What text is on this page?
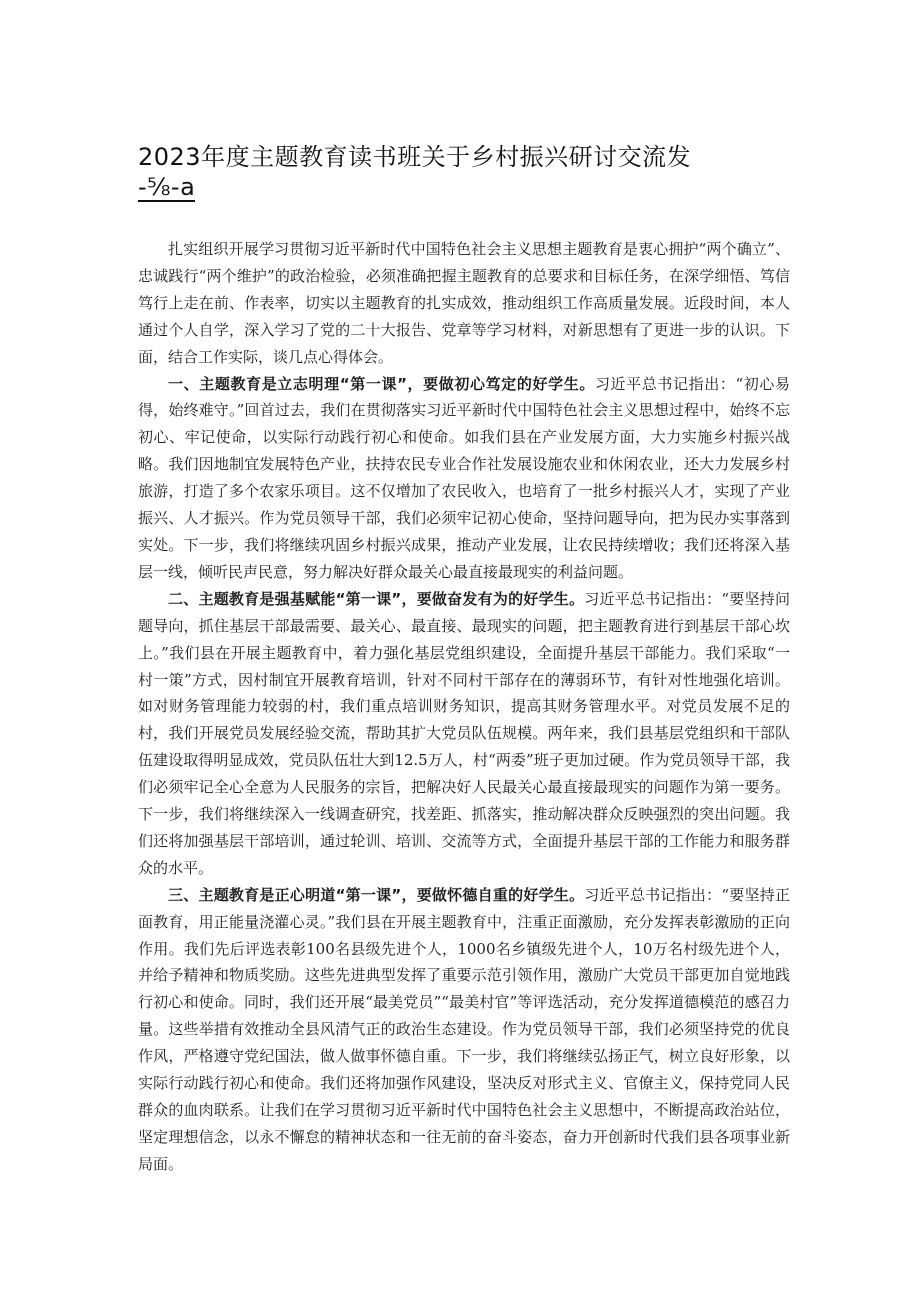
2023年度主题教育读书班关于乡村振兴研讨交流发
-⅝-a

扎实组织开展学习贯彻习近平新时代中国特色社会主义思想主题教育是衷心拥护“两个确立”、忠诚践行“两个维护”的政治检验，必须准确把握主题教育的总要求和目标任务，在深学细悟、笃信笃行上走在前、作表率，切实以主题教育的扎实成效，推动组织工作高质量发展。近段时间，本人通过个人自学，深入学习了党的二十大报告、党章等学习材料，对新思想有了更进一步的认识。下面，结合工作实际，谈几点心得体会。

一、主题教育是立志明理“第一课”，要做初心笃定的好学生。习近平总书记指出：“初心易得，始终难守。”回首过去，我们在贯彻落实习近平新时代中国特色社会主义思想过程中，始终不忘初心、牢记使命，以实际行动践行初心和使命。如我们县在产业发展方面，大力实施乡村振兴战略。我们因地制宜发展特色产业，扶持农民专业合作社发展设施农业和休闲农业，还大力发展乡村旅游，打造了多个农家乐项目。这不仅增加了农民收入，也培育了一批乡村振兴人才，实现了产业振兴、人才振兴。作为党员领导干部，我们必须牢记初心使命，坚持问题导向，把为民办实事落到实处。下一步，我们将继续巩固乡村振兴成果，推动产业发展，让农民持续增收；我们还将深入基层一线，倾听民声民意，努力解决好群众最关心最直接最现实的利益问题。

二、主题教育是强基赋能“第一课”，要做奋发有为的好学生。习近平总书记指出：“要坚持问题导向，抓住基层干部最需要、最关心、最直接、最现实的问题，把主题教育进行到基层干部心坎上。”我们县在开展主题教育中，着力强化基层党组织建设，全面提升基层干部能力。我们采取“一村一策”方式，因村制宜开展教育培训，针对不同村干部存在的薄弱环节，有针对性地强化培训。如对财务管理能力较弱的村，我们重点培训财务知识，提高其财务管理水平。对党员发展不足的村，我们开展党员发展经验交流，帮助其扩大党员队伍规模。两年来，我们县基层党组织和干部队伍建设取得明显成效，党员队伍壮大到12.5万人，村“两委”班子更加过硬。作为党员领导干部，我们必须牢记全心全意为人民服务的宗旨，把解决好人民最关心最直接最现实的问题作为第一要务。下一步，我们将继续深入一线调查研究，找差距、抓落实，推动解决群众反映强烈的突出问题。我们还将加强基层干部培训，通过轮训、培训、交流等方式，全面提升基层干部的工作能力和服务群众的水平。

三、主题教育是正心明道“第一课”，要做怀德自重的好学生。习近平总书记指出：“要坚持正面教育，用正能量浇灌心灵。”我们县在开展主题教育中，注重正面激励，充分发挥表彰激励的正向作用。我们先后评选表彰100名县级先进个人，1000名乡镇级先进个人，10万名村级先进个人，并给予精神和物质奖励。这些先进典型发挥了重要示范引领作用，激励广大党员干部更加自觉地践行初心和使命。同时，我们还开展“最美党员”“最美村官”等评选活动，充分发挥道德模范的感召力量。这些举措有效推动全县风清气正的政治生态建设。作为党员领导干部，我们必须坚持党的优良作风，严格遵守党纪国法，做人做事怀德自重。下一步，我们将继续弘扬正气，树立良好形象，以实际行动践行初心和使命。我们还将加强作风建设，坚决反对形式主义、官僚主义，保持党同人民群众的血肉联系。让我们在学习贯彻习近平新时代中国特色社会主义思想中，不断提高政治站位，坚定理想信念，以永不懈怠的精神状态和一往无前的奋斗姿态，奋力开创新时代我们县各项事业新局面。
